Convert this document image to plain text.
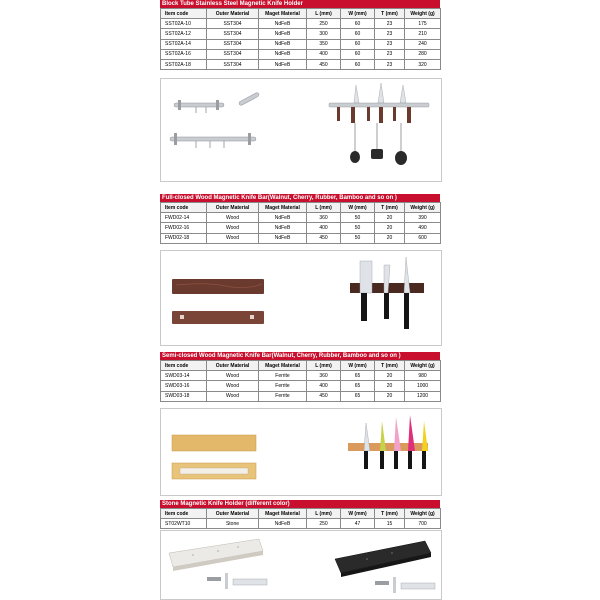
Block Tube Stainless Steel Magnetic Knife Holder
Item code	Outer Material	Maget Material	L (mm)	W (mm)	T (mm)	Weight (g)
SST02A-10	SST304	NdFeB	250	60	23	175
SST02A-12	SST304	NdFeB	300	60	23	210
SST02A-14	SST304	NdFeB	350	60	23	240
SST02A-16	SST304	NdFeB	400	60	23	280
SST02A-18	SST304	NdFeB	450	60	23	320
Full-closed Wood Magnetic Knife Bar(Walnut, Cherry, Rubber, Bamboo and so on )
Item code	Outer Material	Maget Material	L (mm)	W (mm)	T (mm)	Weight (g)
FWD02-14	Wood	NdFeB	360	50	20	390
FWD02-16	Wood	NdFeB	400	50	20	490
FWD02-18	Wood	NdFeB	450	50	20	600
Semi-closed Wood Magnetic Knife Bar(Walnut, Cherry, Rubber, Bamboo and so on )
Item code	Outer Material	Maget Material	L (mm)	W (mm)	T (mm)	Weight (g)
SWD03-14	Wood	Ferrite	360	65	20	980
SWD03-16	Wood	Ferrite	400	65	20	1000
SWD03-18	Wood	Ferrite	450	65	20	1200
Stone Magnetic Knife Holder (different color)
Item code	Outer Material	Maget Material	L (mm)	W (mm)	T (mm)	Weight (g)
ST02WT10	Stone	NdFeB	250	47	15	700
